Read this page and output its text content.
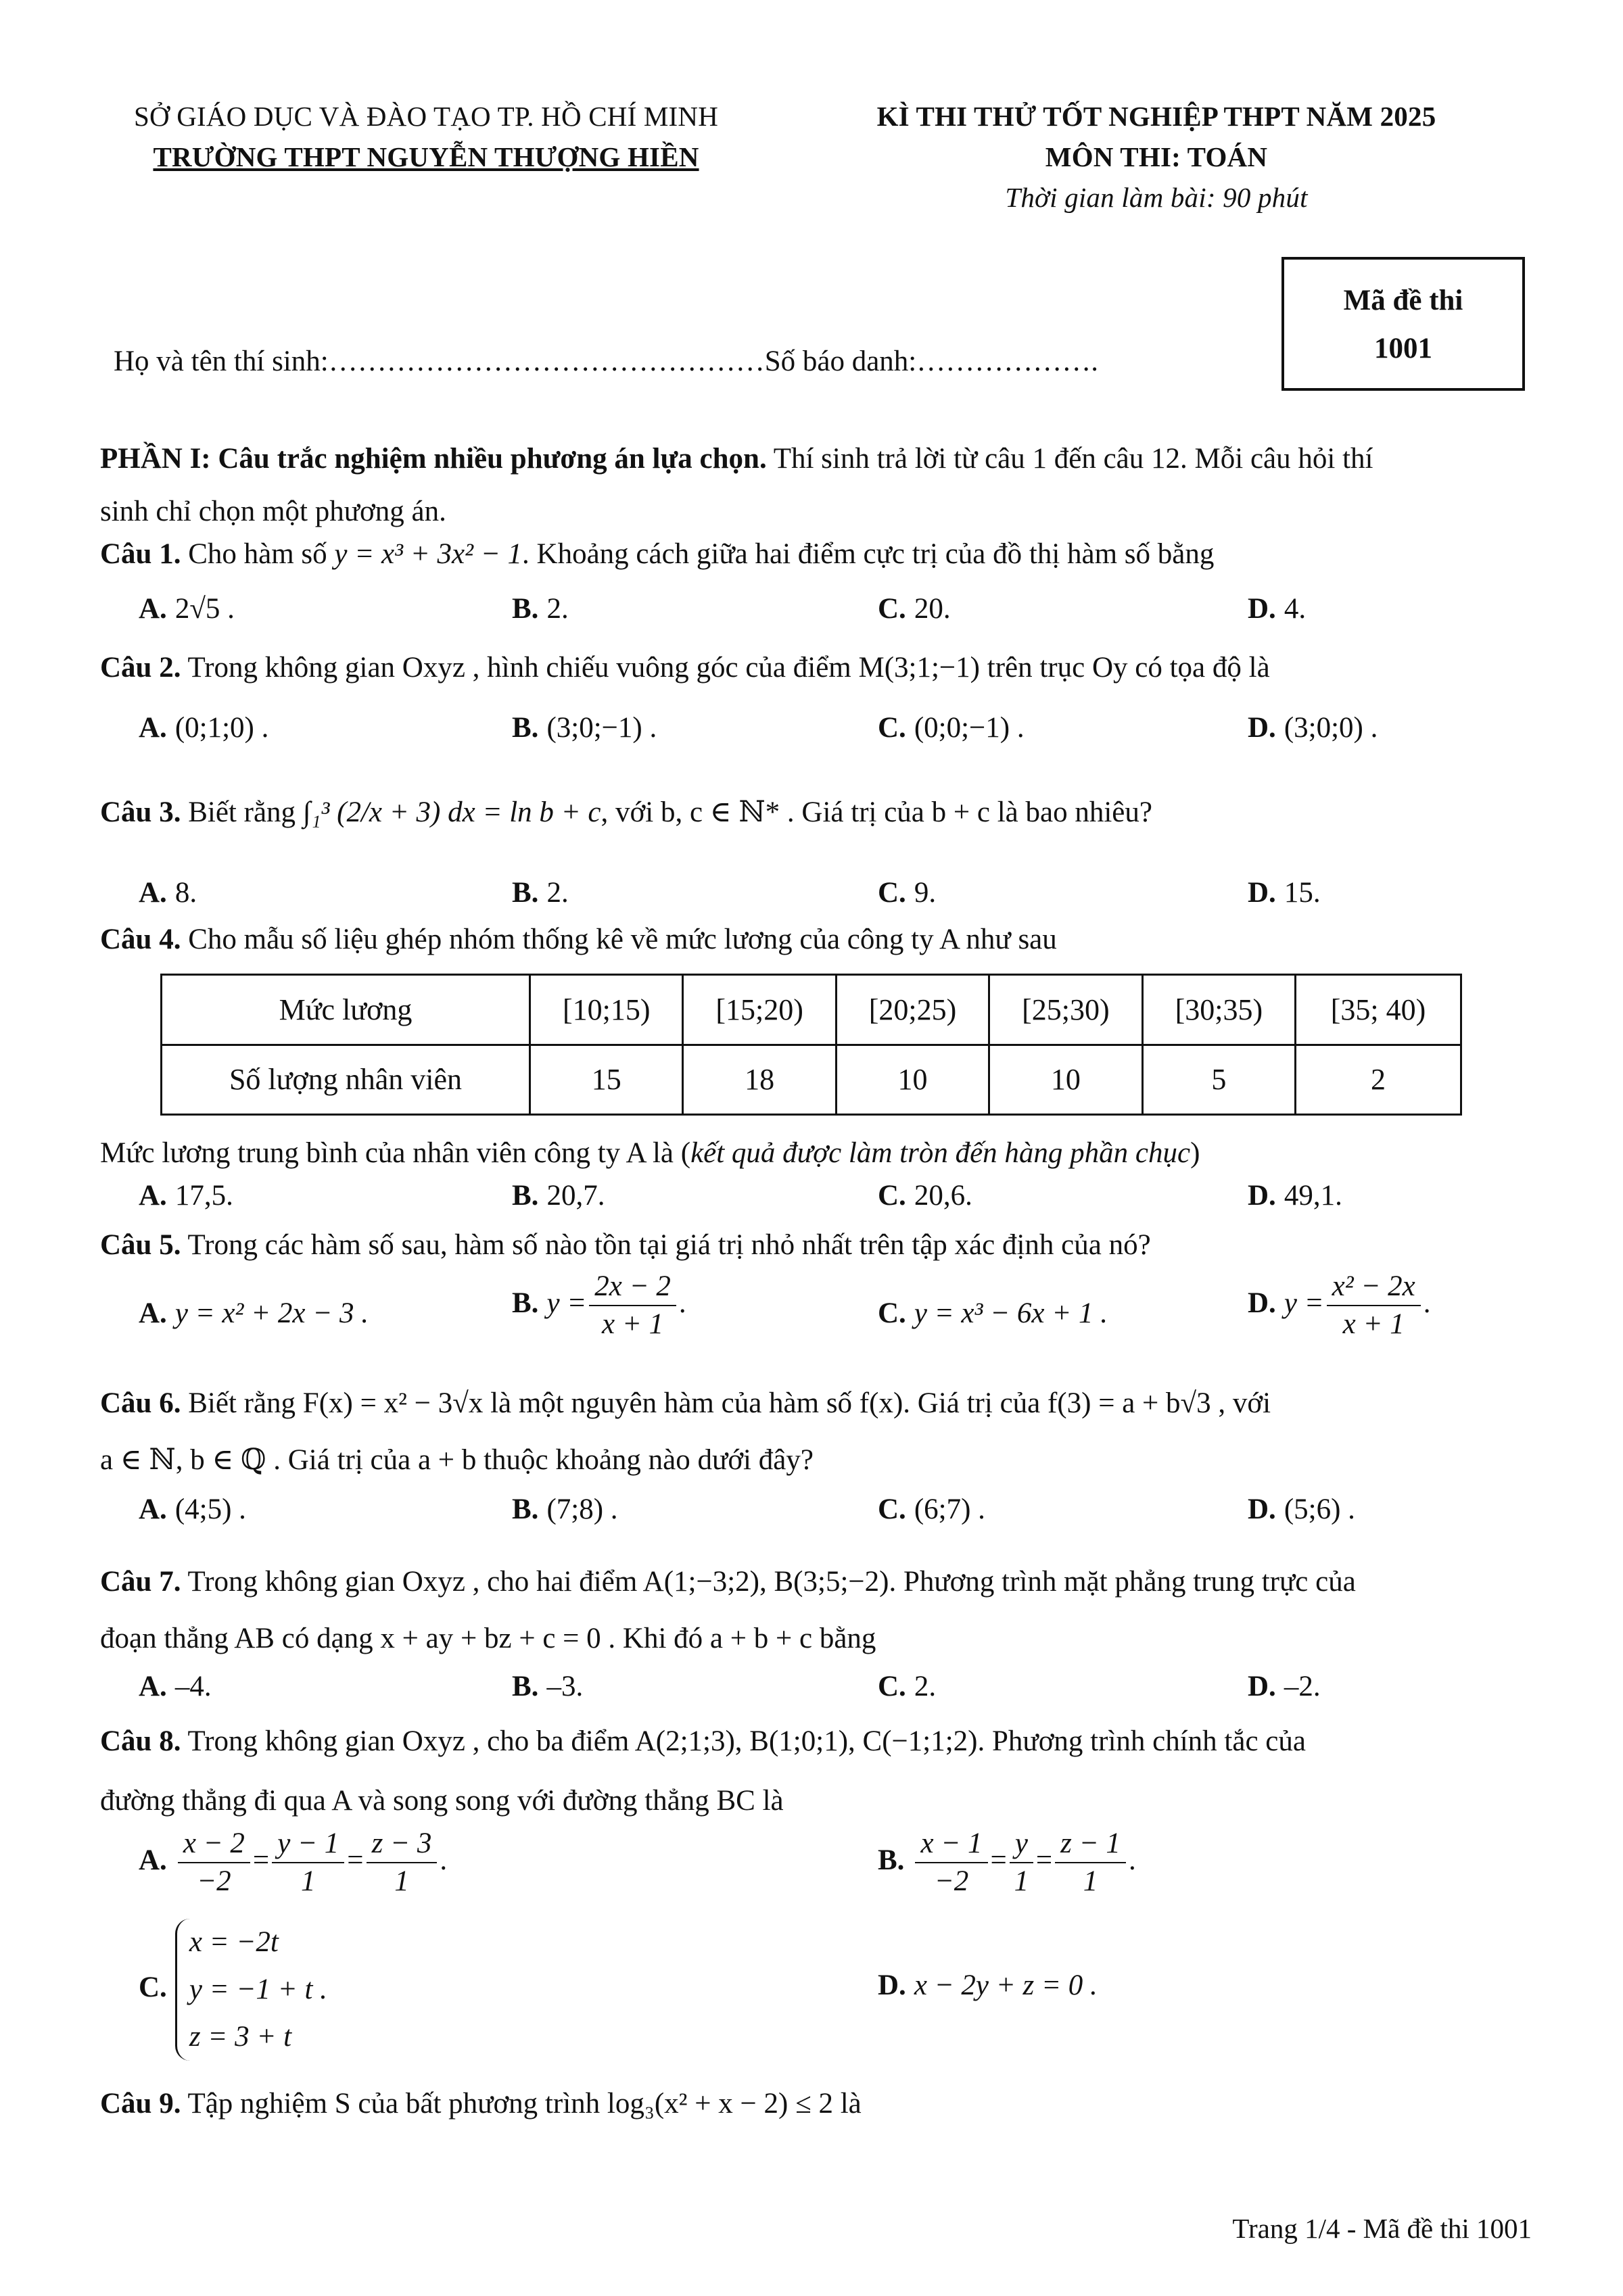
SỞ GIÁO DỤC VÀ ĐÀO TẠO TP. HỒ CHÍ MINH
TRƯỜNG THPT NGUYỄN THƯỢNG HIỀN
KÌ THI THỬ TỐT NGHIỆP THPT NĂM 2025
MÔN THI: TOÁN
Thời gian làm bài: 90 phút
Mã đề thi
1001
Họ và tên thí sinh:………………………………………Số báo danh:……………….
PHẦN I: Câu trắc nghiệm nhiều phương án lựa chọn. Thí sinh trả lời từ câu 1 đến câu 12. Mỗi câu hỏi thí
sinh chỉ chọn một phương án.
Câu 1. Cho hàm số y = x³ + 3x² − 1. Khoảng cách giữa hai điểm cực trị của đồ thị hàm số bằng
A. 2√5 .	B. 2.	C. 20.	D. 4.
Câu 2. Trong không gian Oxyz , hình chiếu vuông góc của điểm M(3;1;−1) trên trục Oy có tọa độ là
A. (0;1;0) .	B. (3;0;−1) .	C. (0;0;−1) .	D. (3;0;0) .
Câu 3. Biết rằng ∫₁³ (2/x + 3) dx = ln b + c, với b, c ∈ ℕ* . Giá trị của b + c là bao nhiêu?
A. 8.	B. 2.	C. 9.	D. 15.
Câu 4. Cho mẫu số liệu ghép nhóm thống kê về mức lương của công ty A như sau
Mức lương	[10;15)	[15;20)	[20;25)	[25;30)	[30;35)	[35; 40)
Số lượng nhân viên	15	18	10	10	5	2
Mức lương trung bình của nhân viên công ty A là (kết quả được làm tròn đến hàng phần chục)
A. 17,5.	B. 20,7.	C. 20,6.	D. 49,1.
Câu 5. Trong các hàm số sau, hàm số nào tồn tại giá trị nhỏ nhất trên tập xác định của nó?
A. y = x² + 2x − 3 .	B. $y = \frac{2x - 2}{x + 1}$ .	C. y = x³ − 6x + 1 .	D. $y = \frac{\text{x² − 2x}}{x + 1}$ .
Câu 6. Biết rằng F(x) = x² − 3√x là một nguyên hàm của hàm số f(x). Giá trị của f(3) = a + b√3 , với
a ∈ ℕ, b ∈ ℚ . Giá trị của a + b thuộc khoảng nào dưới đây?
A. (4;5) .	B. (7;8) .	C. (6;7) .	D. (5;6) .
Câu 7. Trong không gian Oxyz , cho hai điểm A(1;−3;2), B(3;5;−2). Phương trình mặt phẳng trung trực của
đoạn thẳng AB có dạng x + ay + bz + c = 0 . Khi đó a + b + c bằng
A. –4.	B. –3.	C. 2.	D. –2.
Câu 8. Trong không gian Oxyz , cho ba điểm A(2;1;3), B(1;0;1), C(−1;1;2). Phương trình chính tắc của
đường thẳng đi qua A và song song với đường thẳng BC là
A. $\frac{x - 2}{-2} = \frac{y - 1}{1} = \frac{z - 3}{1}$ .	B. $\frac{x - 1}{-2} = \frac{y}{1} = \frac{z - 1}{1}$ .
C.
x = −2t
y = −1 + t .
z = 3 + t
D. x − 2y + z = 0 .
Câu 9. Tập nghiệm S của bất phương trình log₃(x² + x − 2) ≤ 2 là
Trang 1/4 - Mã đề thi 1001
